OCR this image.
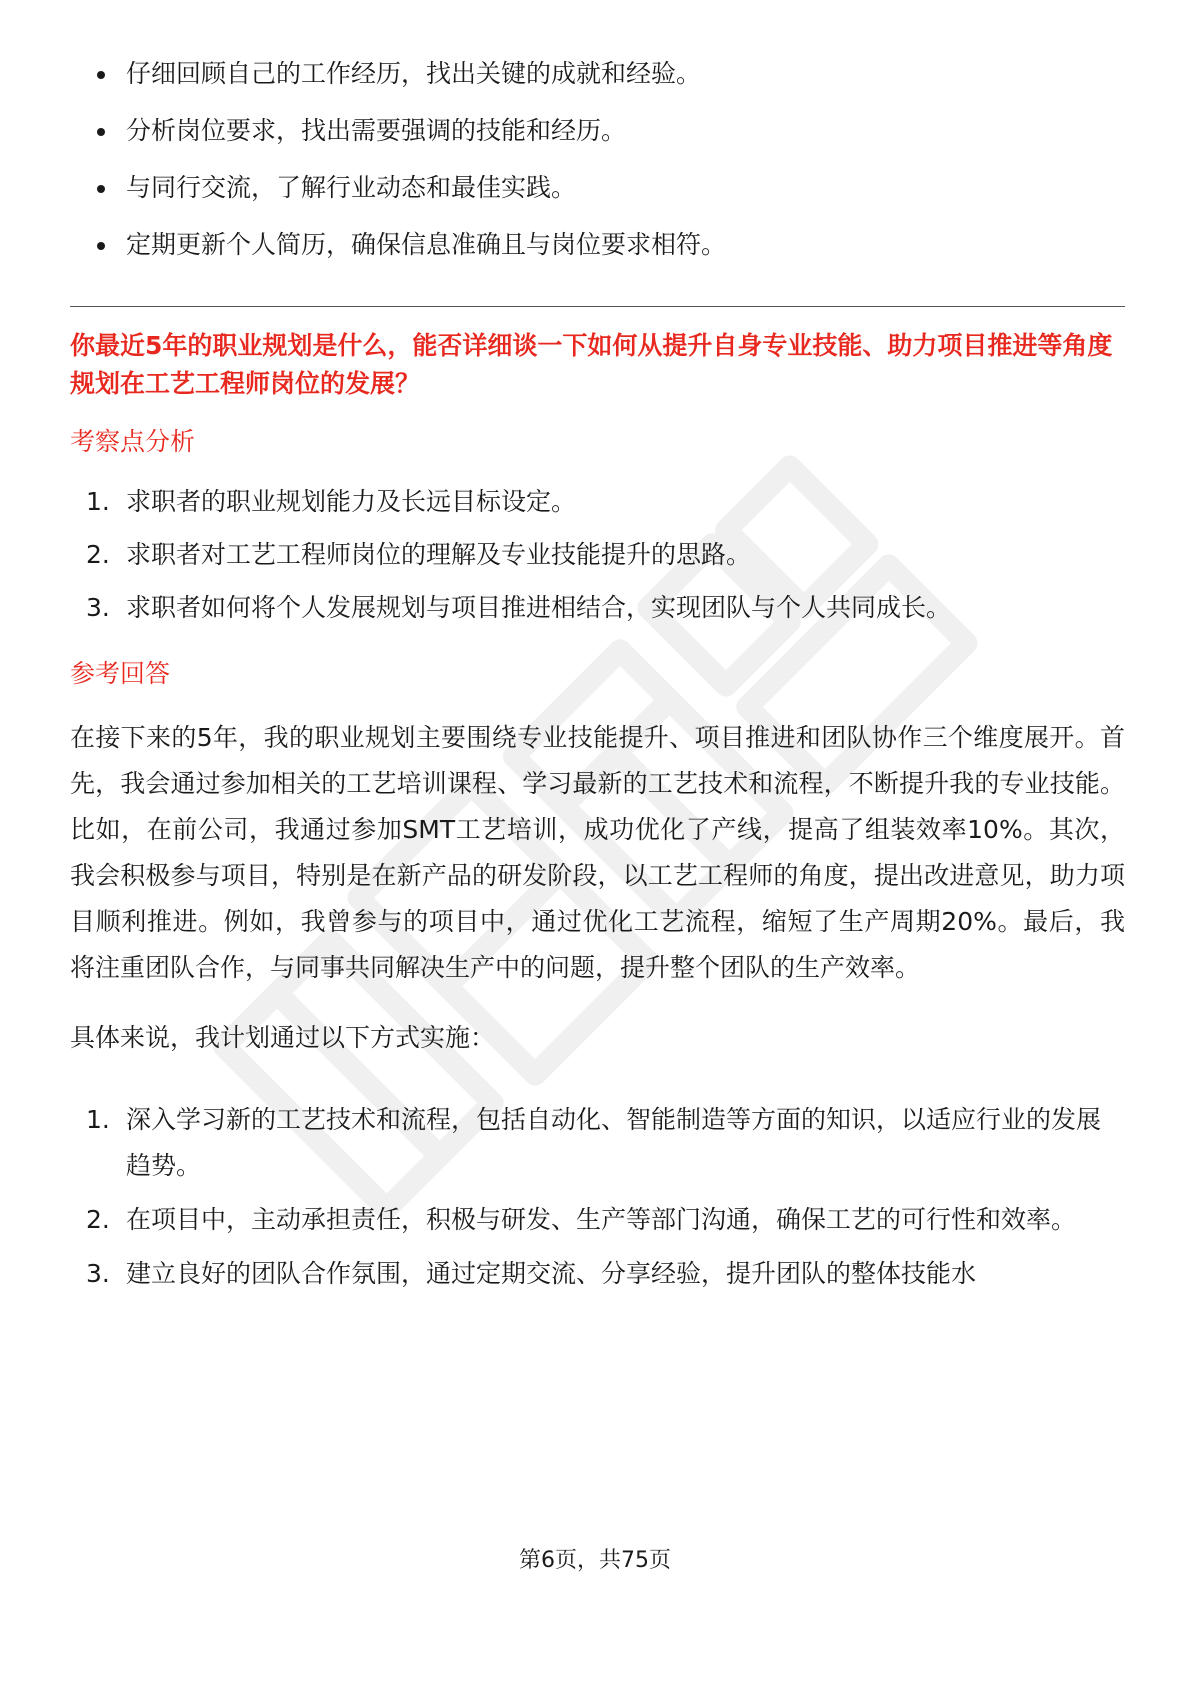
仔细回顾自己的工作经历，找出关键的成就和经验。
分析岗位要求，找出需要强调的技能和经历。
与同行交流，了解行业动态和最佳实践。
定期更新个人简历，确保信息准确且与岗位要求相符。

你最近5年的职业规划是什么，能否详细谈一下如何从提升自身专业技能、助力项目推进等角度规划在工艺工程师岗位的发展？

考察点分析
1. 求职者的职业规划能力及长远目标设定。
2. 求职者对工艺工程师岗位的理解及专业技能提升的思路。
3. 求职者如何将个人发展规划与项目推进相结合，实现团队与个人共同成长。
参考回答

在接下来的5年，我的职业规划主要围绕专业技能提升、项目推进和团队协作三个维度展开。首先，我会通过参加相关的工艺培训课程、学习最新的工艺技术和流程，不断提升我的专业技能。比如，在前公司，我通过参加SMT工艺培训，成功优化了产线，提高了组装效率10%。其次，我会积极参与项目，特别是在新产品的研发阶段，以工艺工程师的角度，提出改进意见，助力项目顺利推进。例如，我曾参与的项目中，通过优化工艺流程，缩短了生产周期20%。最后，我将注重团队合作，与同事共同解决生产中的问题，提升整个团队的生产效率。

具体来说，我计划通过以下方式实施：

1. 深入学习新的工艺技术和流程，包括自动化、智能制造等方面的知识，以适应行业的发展趋势。
2. 在项目中，主动承担责任，积极与研发、生产等部门沟通，确保工艺的可行性和效率。
3. 建立良好的团队合作氛围，通过定期交流、分享经验，提升团队的整体技能水
第6页，共75页
